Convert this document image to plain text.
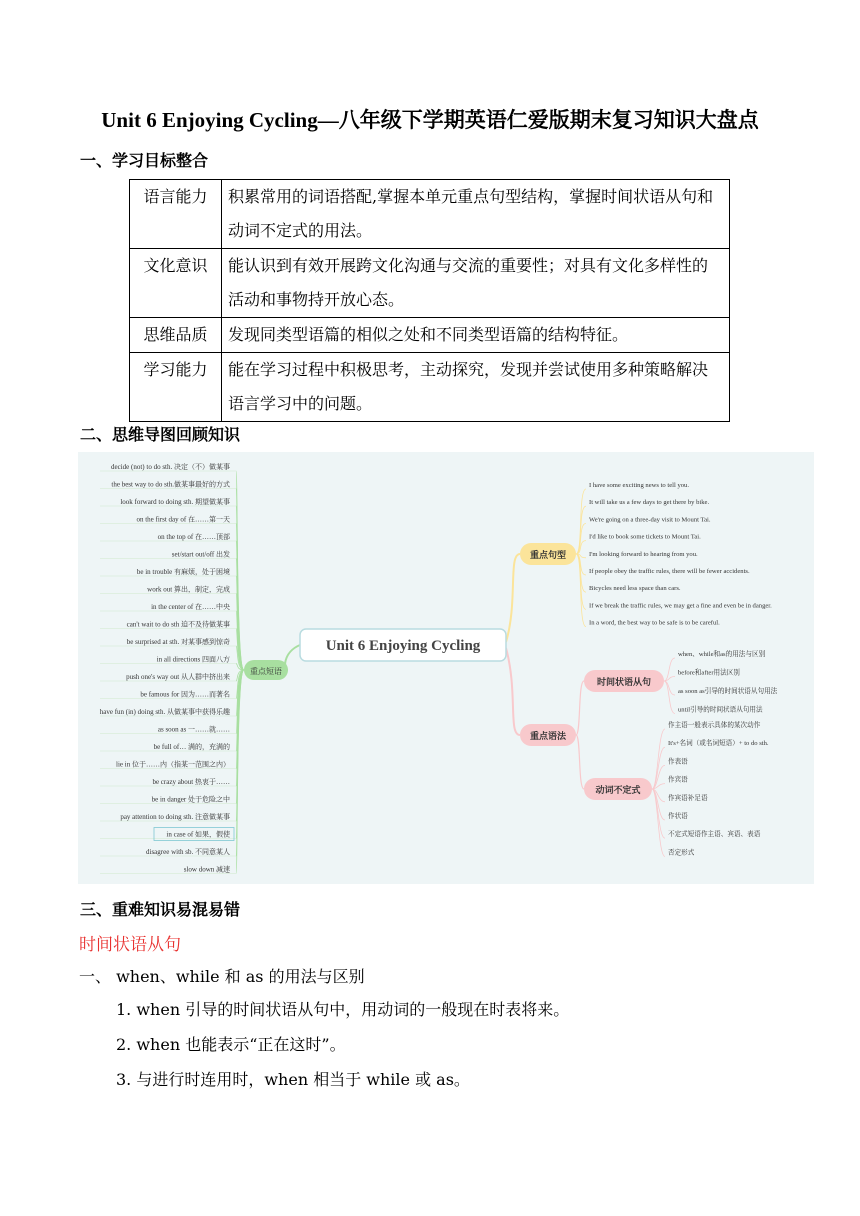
Unit 6 Enjoying Cycling—八年级下学期英语仁爱版期末复习知识大盘点
一、学习目标整合
语言能力	积累常用的词语搭配,掌握本单元重点句型结构，掌握时间状语从句和动词不定式的用法。
文化意识	能认识到有效开展跨文化沟通与交流的重要性；对具有文化多样性的活动和事物持开放心态。
思维品质	发现同类型语篇的相似之处和不同类型语篇的结构特征。
学习能力	能在学习过程中积极思考，主动探究，发现并尝试使用多种策略解决语言学习中的问题。
二、思维导图回顾知识
Unit 6 Enjoying Cycling
重点短语
重点句型
重点语法
时间状语从句
动词不定式
decide (not) to do sth. 决定（不）做某事
the best way to do sth.做某事最好的方式
look forward to doing sth. 期望做某事
on the first day of 在……第一天
on the top of 在……顶部
set/start out/off 出发
be in trouble 有麻烦，处于困境
work out 算出，制定，完成
in the center of 在……中央
can't wait to do sth 迫不及待做某事
be surprised at sth. 对某事感到惊奇
in all directions 四面八方
push one's way out 从人群中挤出来
be famous for 因为……而著名
have fun (in) doing sth. 从做某事中获得乐趣
as soon as 一……就……
be full of… 满的，充满的
lie in 位于……内（指某一范围之内）
be crazy about 热衷于……
be in danger 处于危险之中
pay attention to doing sth. 注意做某事
in case of 如果，假使
disagree with sb. 不同意某人
slow down 减速
I have some exciting news to tell you.
It will take us a few days to get there by bike.
We're going on a three-day visit to Mount Tai.
I'd like to book some tickets to Mount Tai.
I'm looking forward to hearing from you.
If people obey the traffic rules, there will be fewer accidents.
Bicycles need less space than cars.
If we break the traffic rules, we may get a fine and even be in danger.
In a word, the best way to be safe is to be careful.
when、while和as的用法与区别
before和after用法区别
as soon as引导的时间状语从句用法
until引导的时间状语从句用法
作主语一般表示具体的某次动作
It's+名词（或名词短语）+ to do sth.
作表语
作宾语
作宾语补足语
作状语
不定式短语作主语、宾语、表语
否定形式
三、重难知识易混易错
时间状语从句
一、 when、while 和 as 的用法与区别
1. when 引导的时间状语从句中，用动词的一般现在时表将来。
2. when 也能表示“正在这时”。
3. 与进行时连用时，when 相当于 while 或 as。
